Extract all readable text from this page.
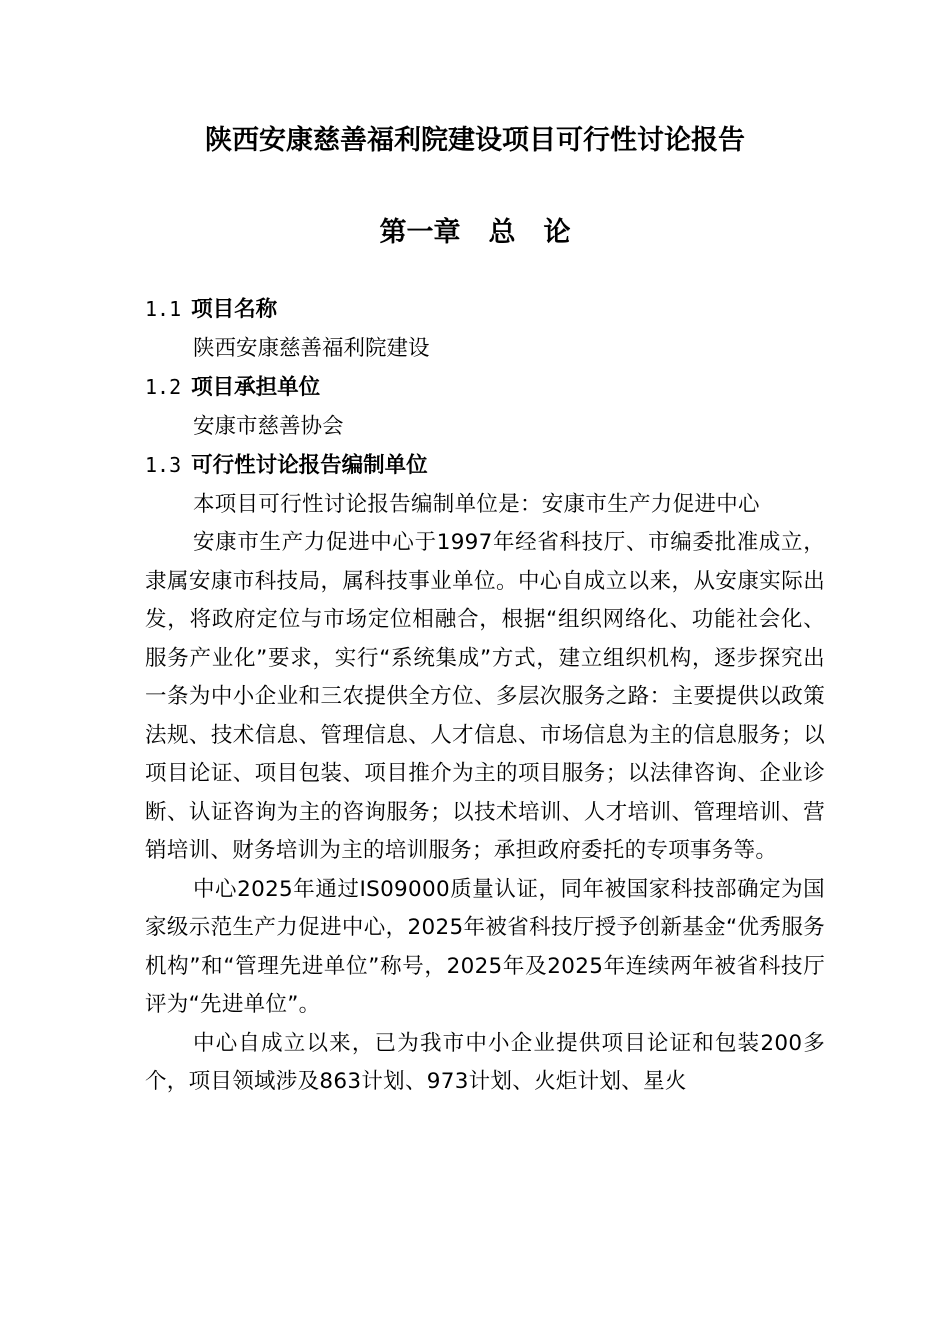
陕西安康慈善福利院建设项目可行性讨论报告
第一章 总 论

1.1 项目名称

陕西安康慈善福利院建设

1.2 项目承担单位

安康市慈善协会

1.3 可行性讨论报告编制单位

本项目可行性讨论报告编制单位是：安康市生产力促进中心

安康市生产力促进中心于1997年经省科技厅、市编委批准成立，隶属安康市科技局，属科技事业单位。中心自成立以来，从安康实际出发，将政府定位与市场定位相融合，根据“组织网络化、功能社会化、服务产业化”要求，实行“系统集成”方式，建立组织机构，逐步探究出一条为中小企业和三农提供全方位、多层次服务之路：主要提供以政策法规、技术信息、管理信息、人才信息、市场信息为主的信息服务；以项目论证、项目包装、项目推介为主的项目服务；以法律咨询、企业诊断、认证咨询为主的咨询服务；以技术培训、人才培训、管理培训、营销培训、财务培训为主的培训服务；承担政府委托的专项事务等。

中心2025年通过IS09000质量认证，同年被国家科技部确定为国家级示范生产力促进中心，2025年被省科技厅授予创新基金“优秀服务机构”和“管理先进单位”称号，2025年及2025年连续两年被省科技厅评为“先进单位”。

中心自成立以来，已为我市中小企业提供项目论证和包装200多个，项目领域涉及863计划、973计划、火炬计划、星火
